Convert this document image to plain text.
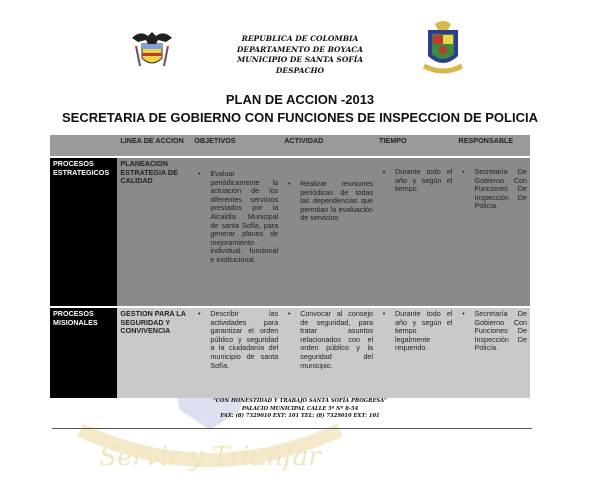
Servir y Triunfar
REPUBLICA DE COLOMBIA
DEPARTAMENTO DE BOYACA
MUNICIPIO DE SANTA SOFÍA
DESPACHO
PLAN DE ACCION -2013
SECRETARIA DE GOBIERNO CON FUNCIONES DE INSPECCION DE POLICIA
	LINEA DE ACCION	OBJETIVOS	ACTIVIDAD	TIEMPO	RESPONSABLE
PROCESOS ESTRATEGICOS	PLANEACION ESTRATEGIA DE CALIDAD	• Evaluar periódicamente la actuación de los diferentes servicios prestados por la Alcaldía Municipal de santa Sofía, para generar planes de mejoramiento individual, funcional e institucional.	• Realizar reuniones periódicas de todas las dependencias que permitan la evaluación de servicios	• Durante todo el año y según el tiempo.	• Secretaría De Gobierno Con Funciones De Inspección De Policía.

PROCESOS MISIONALES	GESTION PARA LA SEGURIDAD Y CONVIVENCIA	• Describir las actividades para garantizar el orden público y seguridad a la ciudadanía del municipio de santa Sofía.	• Convocar al consejo de seguridad, para tratar asuntos relacionados con el orden público y la seguridad del municipio.	• Durante todo el año y según el tiempo legalmente requerido.	• Secretaría De Gobierno Con Funciones De Inspección De Policía.
"CON HONESTIDAD Y TRABAJO SANTA SOFÍA PROGRESA"
PALACIO MUNICIPAL CALLE 5ª Nº 8-54
FAX: (8) 7329010 EXT: 101 TEL: (8) 7329010 EXT: 101
